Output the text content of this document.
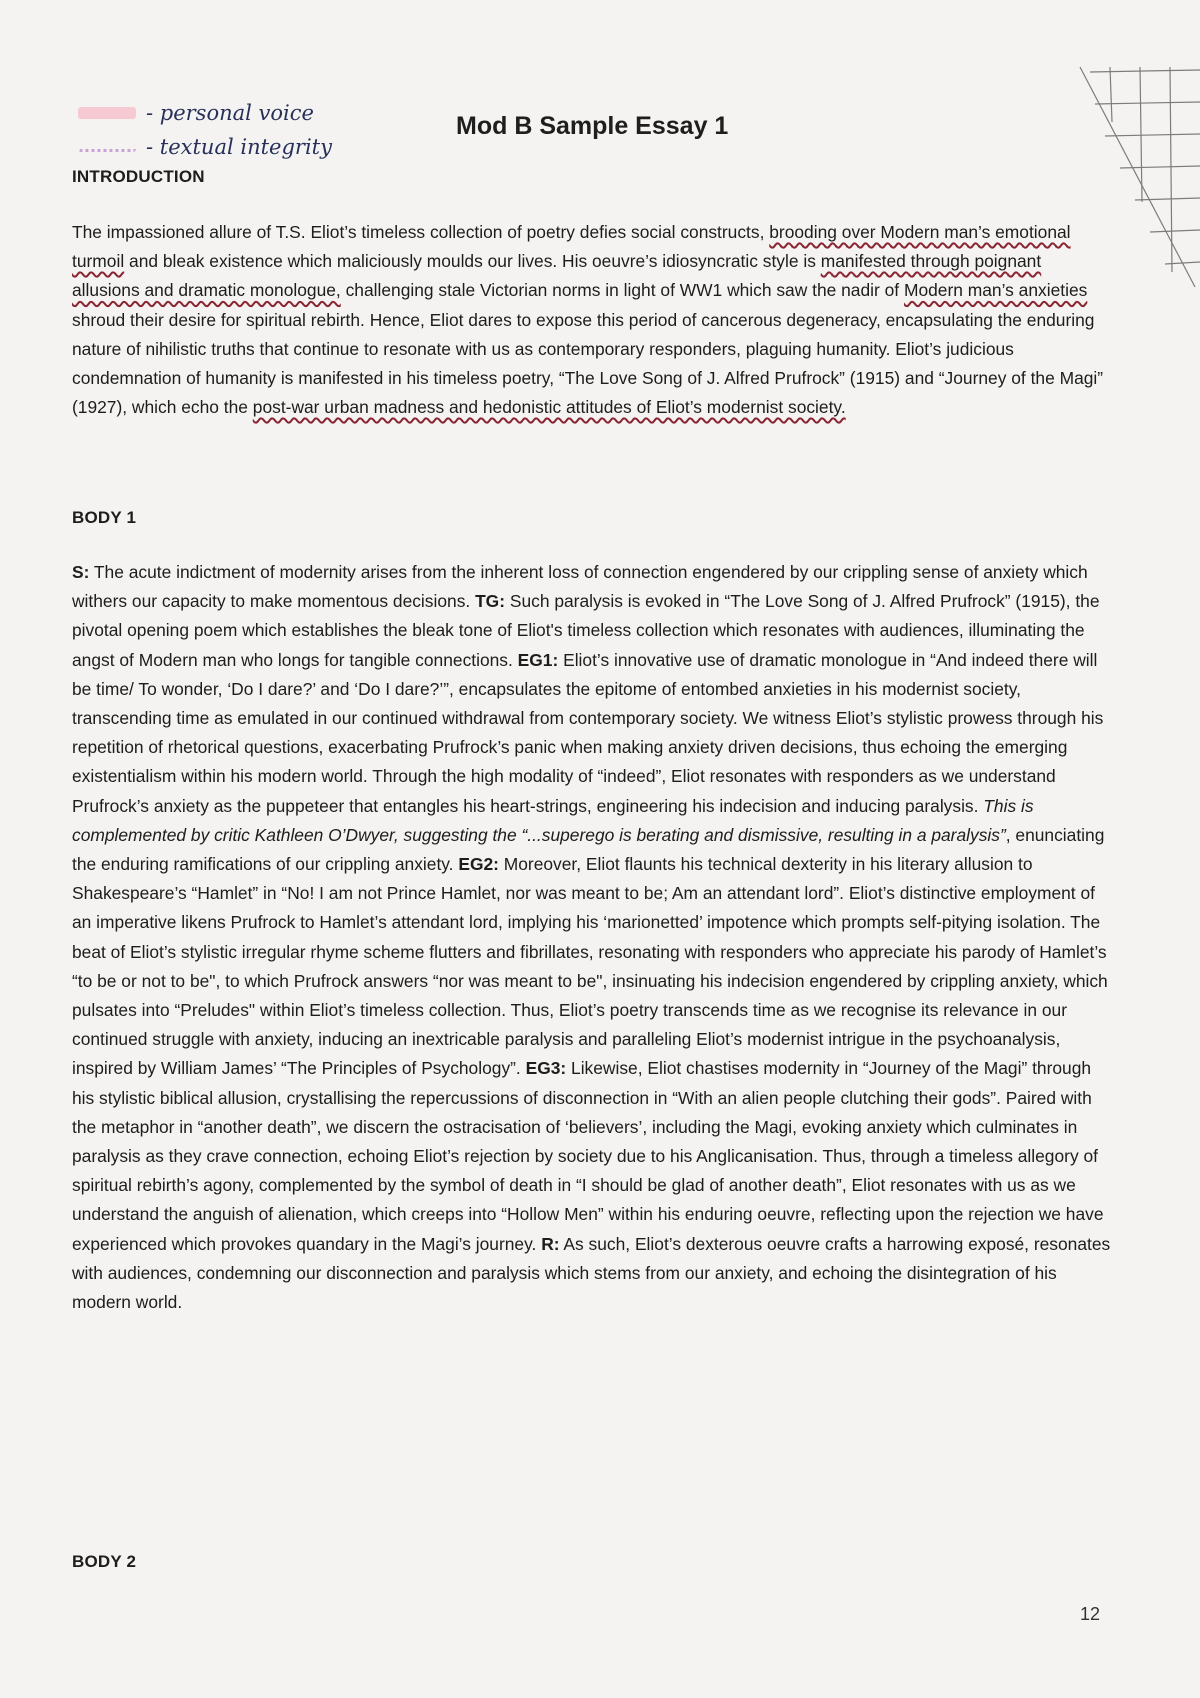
- personal voice
- textual integrity
Mod B Sample Essay 1
INTRODUCTION
The impassioned allure of T.S. Eliot’s timeless collection of poetry defies social constructs, brooding over Modern man’s emotional turmoil and bleak existence which maliciously moulds our lives. His oeuvre’s idiosyncratic style is manifested through poignant allusions and dramatic monologue, challenging stale Victorian norms in light of WW1 which saw the nadir of Modern man’s anxieties shroud their desire for spiritual rebirth. Hence, Eliot dares to expose this period of cancerous degeneracy, encapsulating the enduring nature of nihilistic truths that continue to resonate with us as contemporary responders, plaguing humanity. Eliot’s judicious condemnation of humanity is manifested in his timeless poetry, “The Love Song of J. Alfred Prufrock” (1915) and “Journey of the Magi” (1927), which echo the post-war urban madness and hedonistic attitudes of Eliot’s modernist society.
BODY 1
S: The acute indictment of modernity arises from the inherent loss of connection engendered by our crippling sense of anxiety which withers our capacity to make momentous decisions. TG: Such paralysis is evoked in “The Love Song of J. Alfred Prufrock” (1915), the pivotal opening poem which establishes the bleak tone of Eliot's timeless collection which resonates with audiences, illuminating the angst of Modern man who longs for tangible connections. EG1: Eliot’s innovative use of dramatic monologue in “And indeed there will be time/ To wonder, ‘Do I dare?’ and ‘Do I dare?’”, encapsulates the epitome of entombed anxieties in his modernist society, transcending time as emulated in our continued withdrawal from contemporary society. We witness Eliot’s stylistic prowess through his repetition of rhetorical questions, exacerbating Prufrock’s panic when making anxiety driven decisions, thus echoing the emerging existentialism within his modern world. Through the high modality of “indeed”, Eliot resonates with responders as we understand Prufrock’s anxiety as the puppeteer that entangles his heart-strings, engineering his indecision and inducing paralysis. This is complemented by critic Kathleen O’Dwyer, suggesting the “...superego is berating and dismissive, resulting in a paralysis”, enunciating the enduring ramifications of our crippling anxiety. EG2: Moreover, Eliot flaunts his technical dexterity in his literary allusion to Shakespeare’s “Hamlet” in “No! I am not Prince Hamlet, nor was meant to be; Am an attendant lord”. Eliot’s distinctive employment of an imperative likens Prufrock to Hamlet’s attendant lord, implying his ‘marionetted’ impotence which prompts self-pitying isolation. The beat of Eliot’s stylistic irregular rhyme scheme flutters and fibrillates, resonating with responders who appreciate his parody of Hamlet’s “to be or not to be", to which Prufrock answers “nor was meant to be", insinuating his indecision engendered by crippling anxiety, which pulsates into “Preludes" within Eliot’s timeless collection. Thus, Eliot’s poetry transcends time as we recognise its relevance in our continued struggle with anxiety, inducing an inextricable paralysis and paralleling Eliot’s modernist intrigue in the psychoanalysis, inspired by William James’ “The Principles of Psychology”. EG3: Likewise, Eliot chastises modernity in “Journey of the Magi” through his stylistic biblical allusion, crystallising the repercussions of disconnection in “With an alien people clutching their gods”. Paired with the metaphor in “another death”, we discern the ostracisation of ‘believers’, including the Magi, evoking anxiety which culminates in paralysis as they crave connection, echoing Eliot’s rejection by society due to his Anglicanisation. Thus, through a timeless allegory of spiritual rebirth’s agony, complemented by the symbol of death in “I should be glad of another death”, Eliot resonates with us as we understand the anguish of alienation, which creeps into “Hollow Men” within his enduring oeuvre, reflecting upon the rejection we have experienced which provokes quandary in the Magi’s journey. R: As such, Eliot’s dexterous oeuvre crafts a harrowing exposé, resonates with audiences, condemning our disconnection and paralysis which stems from our anxiety, and echoing the disintegration of his modern world.
BODY 2
12
